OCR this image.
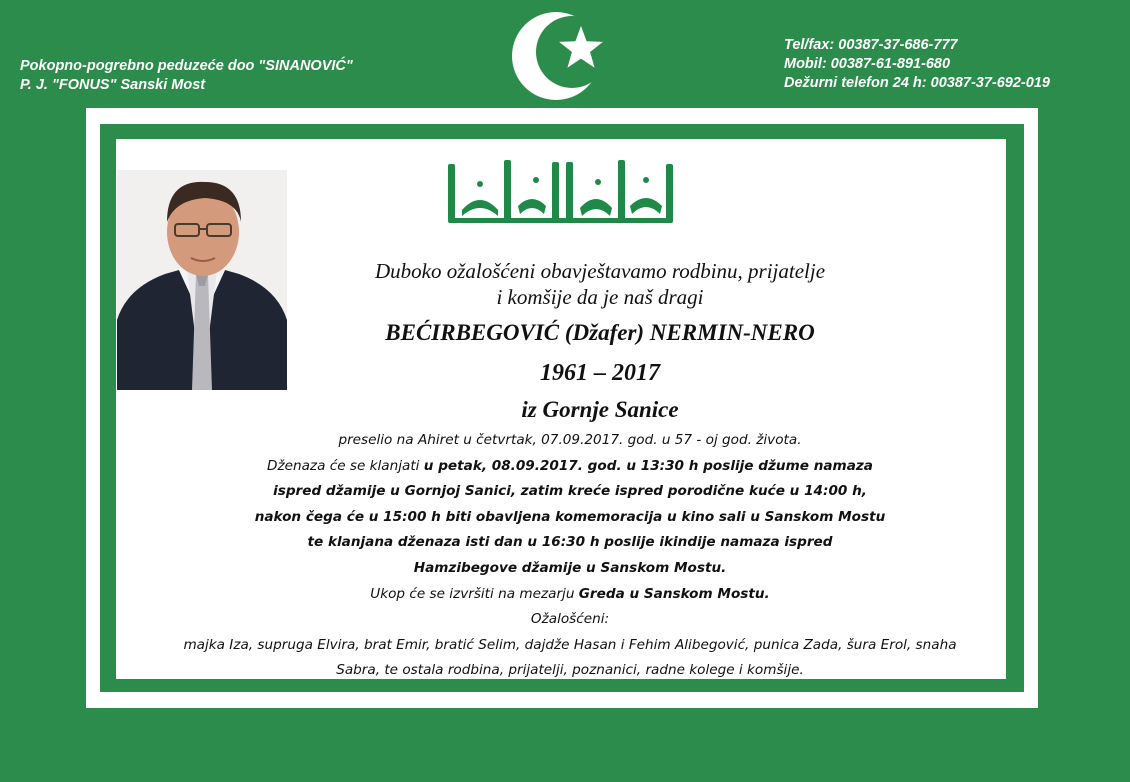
Pokopno-pogrebno peduzeće doo "SINANOVIĆ"
P. J. "FONUS" Sanski Most
Tel/fax: 00387-37-686-777
Mobil: 00387-61-891-680
Dežurni telefon 24 h: 00387-37-692-019
Duboko ožalošćeni obavještavamo rodbinu, prijatelje
i komšije da je naš dragi
BEĆIRBEGOVIĆ (Džafer) NERMIN-NERO
1961 – 2017
iz Gornje Sanice

preselio na Ahiret u četvrtak, 07.09.2017. god. u 57 - oj god. života.

Dženaza će se klanjati u petak, 08.09.2017. god. u 13:30 h poslije džume namaza

ispred džamije u Gornjoj Sanici, zatim kreće ispred porodične kuće u 14:00 h,

nakon čega će u 15:00 h biti obavljena komemoracija u kino sali u Sanskom Mostu

te klanjana dženaza isti dan u 16:30 h poslije ikindije namaza ispred

Hamzibegove džamije u Sanskom Mostu.

Ukop će se izvršiti na mezarju Greda u Sanskom Mostu.

Ožalošćeni:

majka Iza, supruga Elvira, brat Emir, bratić Selim, dajdže Hasan i Fehim Alibegović, punica Zada, šura Erol, snaha

Sabra, te ostala rodbina, prijatelji, poznanici, radne kolege i komšije.
